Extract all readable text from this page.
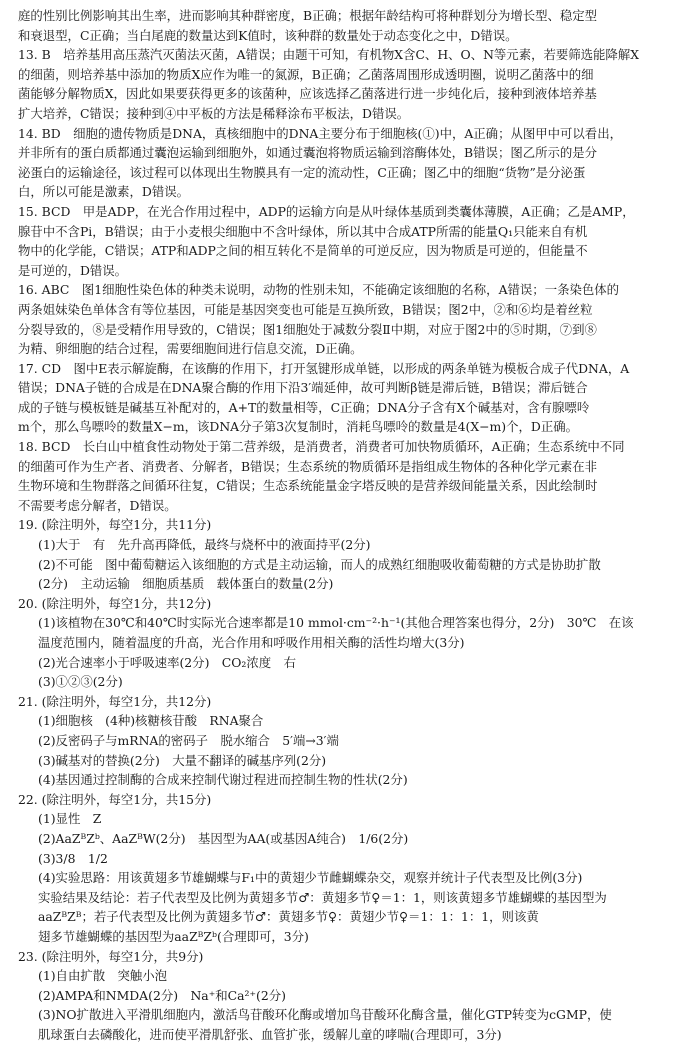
庭的性别比例影响其出生率，进而影响其种群密度，B正确；根据年龄结构可将种群划分为增长型、稳定型
和衰退型，C正确；当白尾鹿的数量达到K值时，该种群的数量处于动态变化之中，D错误。
13. B　培养基用高压蒸汽灭菌法灭菌，A错误；由题干可知，有机物X含C、H、O、N等元素，若要筛选能降解X
的细菌，则培养基中添加的物质X应作为唯一的氮源，B正确；乙菌落周围形成透明圈，说明乙菌落中的细
菌能够分解物质X，因此如果要获得更多的该菌种，应该选择乙菌落进行进一步纯化后，接种到液体培养基
扩大培养，C错误；接种到④中平板的方法是稀释涂布平板法，D错误。
14. BD　细胞的遗传物质是DNA，真核细胞中的DNA主要分布于细胞核(①)中，A正确；从图甲中可以看出，
并非所有的蛋白质都通过囊泡运输到细胞外，如通过囊泡将物质运输到溶酶体处，B错误；图乙所示的是分
泌蛋白的运输途径，该过程可以体现出生物膜具有一定的流动性，C正确；图乙中的细胞“货物”是分泌蛋
白，所以可能是激素，D错误。
15. BCD　甲是ADP，在光合作用过程中，ADP的运输方向是从叶绿体基质到类囊体薄膜，A正确；乙是AMP，
腺苷中不含Pi，B错误；由于小麦根尖细胞中不含叶绿体，所以其中合成ATP所需的能量Q₁只能来自有机
物中的化学能，C错误；ATP和ADP之间的相互转化不是简单的可逆反应，因为物质是可逆的，但能量不
是可逆的，D错误。
16. ABC　图1细胞性染色体的种类未说明，动物的性别未知，不能确定该细胞的名称，A错误；一条染色体的
两条姐妹染色单体含有等位基因，可能是基因突变也可能是互换所致，B错误；图2中，②和⑥均是着丝粒
分裂导致的，⑧是受精作用导致的，C错误；图1细胞处于减数分裂Ⅱ中期，对应于图2中的⑤时期，⑦到⑧
为精、卵细胞的结合过程，需要细胞间进行信息交流，D正确。
17. CD　图中E表示解旋酶，在该酶的作用下，打开氢键形成单链，以形成的两条单链为模板合成子代DNA，A
错误；DNA子链的合成是在DNA聚合酶的作用下沿3′端延伸，故可判断β链是滞后链，B错误；滞后链合
成的子链与模板链是碱基互补配对的，A+T的数量相等，C正确；DNA分子含有X个碱基对，含有腺嘌呤
m个，那么鸟嘌呤的数量X−m，该DNA分子第3次复制时，消耗鸟嘌呤的数量是4(X−m)个，D正确。
18. BCD　长白山中植食性动物处于第二营养级，是消费者，消费者可加快物质循环，A正确；生态系统中不同
的细菌可作为生产者、消费者、分解者，B错误；生态系统的物质循环是指组成生物体的各种化学元素在非
生物环境和生物群落之间循环往复，C错误；生态系统能量金字塔反映的是营养级间能量关系，因此绘制时
不需要考虑分解者，D错误。
19. (除注明外，每空1分，共11分)
(1)大于　有　先升高再降低，最终与烧杯中的液面持平(2分)
(2)不可能　图中葡萄糖运入该细胞的方式是主动运输，而人的成熟红细胞吸收葡萄糖的方式是协助扩散
(2分)　主动运输　细胞质基质　载体蛋白的数量(2分)
20. (除注明外，每空1分，共12分)
(1)该植物在30℃和40℃时实际光合速率都是10 mmol·cm⁻²·h⁻¹(其他合理答案也得分，2分)　30℃　在该
温度范围内，随着温度的升高，光合作用和呼吸作用相关酶的活性均增大(3分)
(2)光合速率小于呼吸速率(2分)　CO₂浓度　右
(3)①②③(2分)
21. (除注明外，每空1分，共12分)
(1)细胞核　(4种)核糖核苷酸　RNA聚合
(2)反密码子与mRNA的密码子　脱水缩合　5′端→3′端
(3)碱基对的替换(2分)　大量不翻译的碱基序列(2分)
(4)基因通过控制酶的合成来控制代谢过程进而控制生物的性状(2分)
22. (除注明外，每空1分，共15分)
(1)显性　Z
(2)AaZᴮZᵇ、AaZᴮW(2分)　基因型为AA(或基因A纯合)　1/6(2分)
(3)3/8　1/2
(4)实验思路：用该黄翅多节雄蝴蝶与F₁中的黄翅少节雌蝴蝶杂交，观察并统计子代表型及比例(3分)
实验结果及结论：若子代表型及比例为黄翅多节♂：黄翅多节♀＝1：1，则该黄翅多节雄蝴蝶的基因型为
aaZᴮZᴮ；若子代表型及比例为黄翅多节♂：黄翅多节♀：黄翅少节♀＝1：1：1：1，则该黄
翅多节雄蝴蝶的基因型为aaZᴮZᵇ(合理即可，3分)
23. (除注明外，每空1分，共9分)
(1)自由扩散　突触小泡
(2)AMPA和NMDA(2分)　Na⁺和Ca²⁺(2分)
(3)NO扩散进入平滑肌细胞内，激活鸟苷酸环化酶或增加鸟苷酸环化酶含量，催化GTP转变为cGMP，使
肌球蛋白去磷酸化，进而使平滑肌舒张、血管扩张，缓解儿童的哮喘(合理即可，3分)
